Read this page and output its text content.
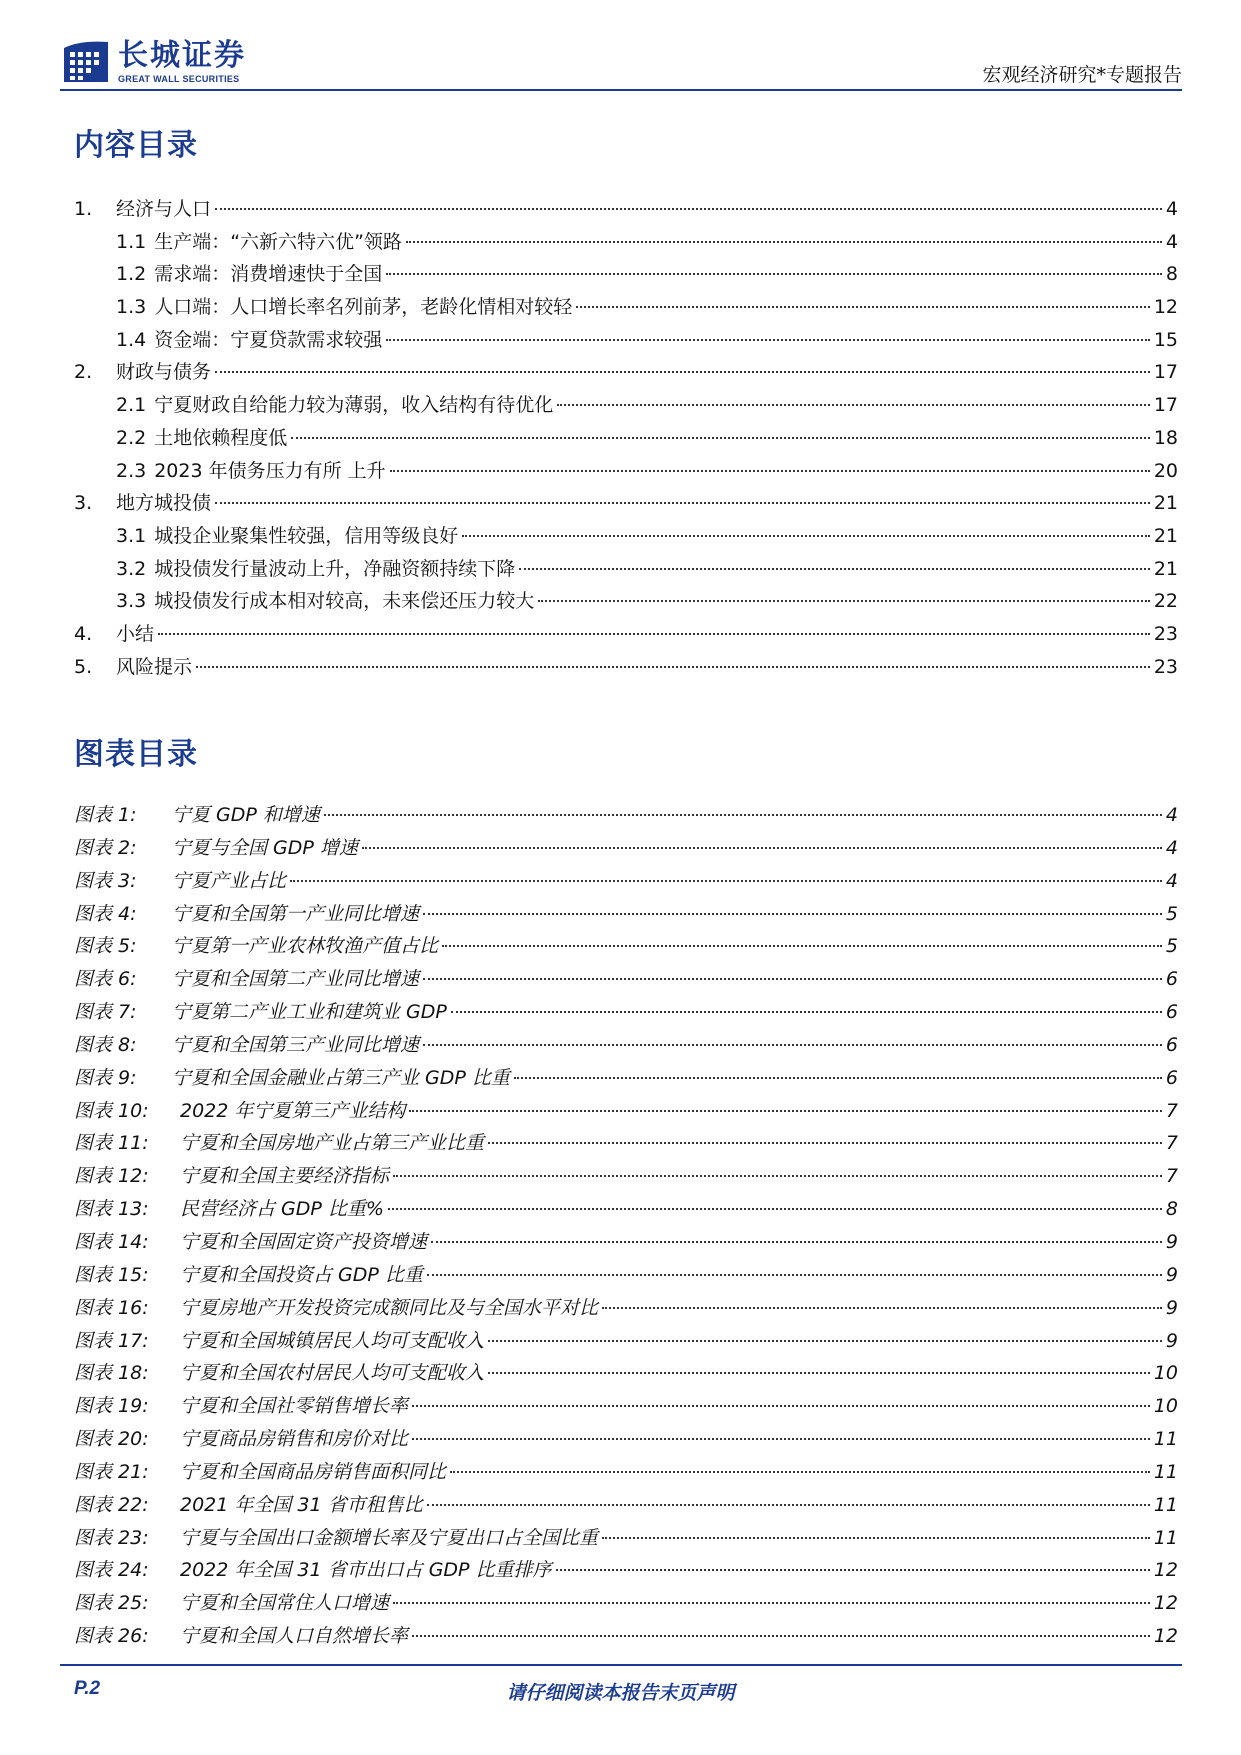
长城证券
GREAT WALL SECURITIES	宏观经济研究*专题报告
内容目录
1.	经济与人口	4
1.1 生产端：“六新六特六优”领路	4
1.2 需求端：消费增速快于全国	8
1.3 人口端：人口增长率名列前茅，老龄化情相对较轻	12
1.4 资金端：宁夏贷款需求较强	15
2.	财政与债务	17
2.1 宁夏财政自给能力较为薄弱，收入结构有待优化	17
2.2 土地依赖程度低	18
2.3 2023 年债务压力有所 上升	20
3.	地方城投债	21
3.1 城投企业聚集性较强，信用等级良好	21
3.2 城投债发行量波动上升，净融资额持续下降	21
3.3 城投债发行成本相对较高，未来偿还压力较大	22
4.	小结	23
5.	风险提示	23
图表目录
图表 1:	宁夏 GDP 和增速	4
图表 2:	宁夏与全国 GDP 增速	4
图表 3:	宁夏产业占比	4
图表 4:	宁夏和全国第一产业同比增速	5
图表 5:	宁夏第一产业农林牧渔产值占比	5
图表 6:	宁夏和全国第二产业同比增速	6
图表 7:	宁夏第二产业工业和建筑业 GDP	6
图表 8:	宁夏和全国第三产业同比增速	6
图表 9:	宁夏和全国金融业占第三产业 GDP 比重	6
图表 10:	2022 年宁夏第三产业结构	7
图表 11:	宁夏和全国房地产业占第三产业比重	7
图表 12:	宁夏和全国主要经济指标	7
图表 13:	民营经济占 GDP 比重%	8
图表 14:	宁夏和全国固定资产投资增速	9
图表 15:	宁夏和全国投资占 GDP 比重	9
图表 16:	宁夏房地产开发投资完成额同比及与全国水平对比	9
图表 17:	宁夏和全国城镇居民人均可支配收入	9
图表 18:	宁夏和全国农村居民人均可支配收入	10
图表 19:	宁夏和全国社零销售增长率	10
图表 20:	宁夏商品房销售和房价对比	11
图表 21:	宁夏和全国商品房销售面积同比	11
图表 22:	2021 年全国 31 省市租售比	11
图表 23:	宁夏与全国出口金额增长率及宁夏出口占全国比重	11
图表 24:	2022 年全国 31 省市出口占 GDP 比重排序	12
图表 25:	宁夏和全国常住人口增速	12
图表 26:	宁夏和全国人口自然增长率	12
P.2	请仔细阅读本报告末页声明
